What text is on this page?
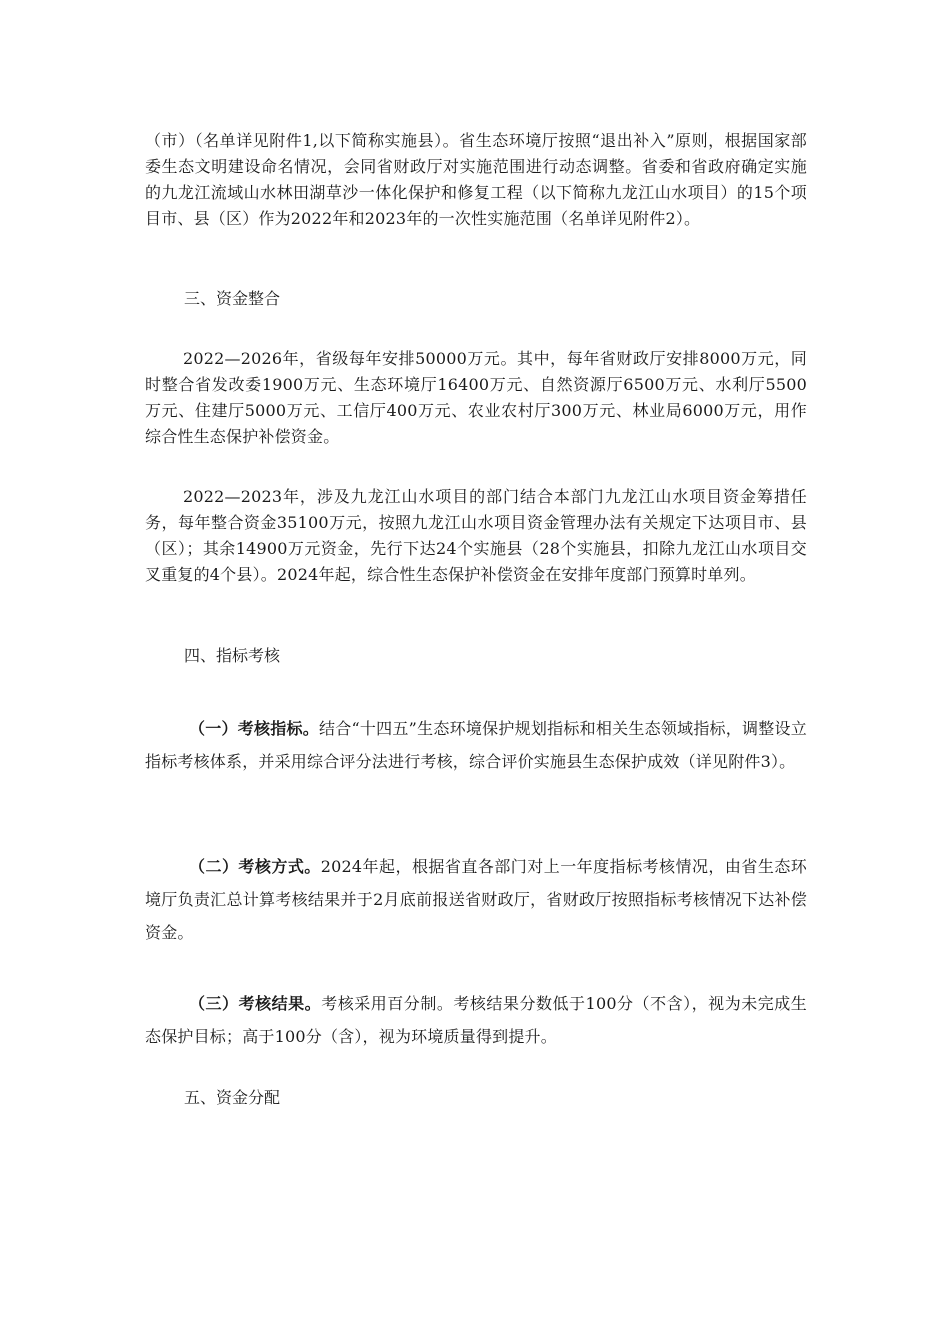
（市）（名单详见附件1,以下简称实施县）。省生态环境厅按照“退出补入”原则，根据国家部委生态文明建设命名情况，会同省财政厅对实施范围进行动态调整。省委和省政府确定实施的九龙江流域山水林田湖草沙一体化保护和修复工程（以下简称九龙江山水项目）的15个项目市、县（区）作为2022年和2023年的一次性实施范围（名单详见附件2）。

三、资金整合

2022—2026年，省级每年安排50000万元。其中，每年省财政厅安排8000万元，同时整合省发改委1900万元、生态环境厅16400万元、自然资源厅6500万元、水利厅5500万元、住建厅5000万元、工信厅400万元、农业农村厅300万元、林业局6000万元，用作综合性生态保护补偿资金。

2022—2023年，涉及九龙江山水项目的部门结合本部门九龙江山水项目资金筹措任务，每年整合资金35100万元，按照九龙江山水项目资金管理办法有关规定下达项目市、县（区）；其余14900万元资金，先行下达24个实施县（28个实施县，扣除九龙江山水项目交叉重复的4个县）。2024年起，综合性生态保护补偿资金在安排年度部门预算时单列。

四、指标考核

（一）考核指标。结合“十四五”生态环境保护规划指标和相关生态领域指标，调整设立指标考核体系，并采用综合评分法进行考核，综合评价实施县生态保护成效（详见附件3）。

（二）考核方式。2024年起，根据省直各部门对上一年度指标考核情况，由省生态环境厅负责汇总计算考核结果并于2月底前报送省财政厅，省财政厅按照指标考核情况下达补偿资金。

（三）考核结果。考核采用百分制。考核结果分数低于100分（不含），视为未完成生态保护目标；高于100分（含），视为环境质量得到提升。

五、资金分配
